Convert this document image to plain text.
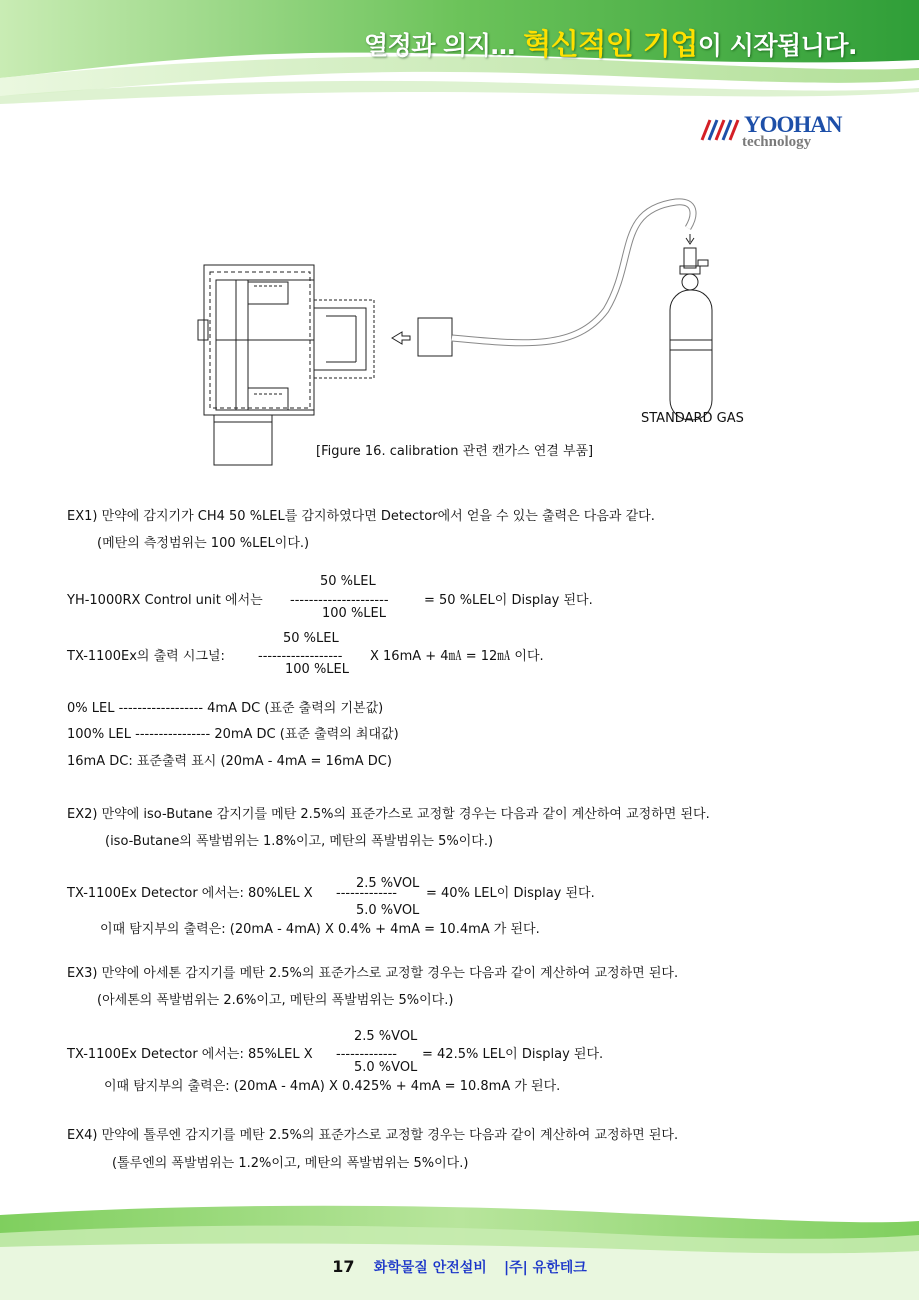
열정과 의지… 혁신적인 기업이 시작됩니다.
YOOHAN
technology
STANDARD GAS
[Figure 16. calibration 관련 캔가스 연결 부품]
EX1) 만약에 감지기가 CH4 50 %LEL를 감지하였다면 Detector에서 얻을 수 있는 출력은 다음과 같다.
(메탄의 측정범위는 100 %LEL이다.)
YH-1000RX Control unit 에서는
50 %LEL
---------------------
100 %LEL
= 50 %LEL이 Display 된다.
TX-1100Ex의 출력 시그널:
50 %LEL
------------------
100 %LEL
X 16mA + 4㎃ = 12㎃ 이다.
0% LEL ------------------ 4mA DC (표준 출력의 기본값)
100% LEL ---------------- 20mA DC (표준 출력의 최대값)
16mA DC: 표준출력 표시 (20mA - 4mA = 16mA DC)
EX2) 만약에 iso-Butane 감지기를 메탄 2.5%의 표준가스로 교정할 경우는 다음과 같이 계산하여 교정하면 된다.
(iso-Butane의 폭발범위는 1.8%이고, 메탄의 폭발범위는 5%이다.)
TX-1100Ex Detector 에서는: 80%LEL X
2.5 %VOL
-------------
5.0 %VOL
= 40% LEL이 Display 된다.
이때 탐지부의 출력은: (20mA - 4mA) X 0.4% + 4mA = 10.4mA 가 된다.
EX3) 만약에 아세톤 감지기를 메탄 2.5%의 표준가스로 교정할 경우는 다음과 같이 계산하여 교정하면 된다.
(아세톤의 폭발범위는 2.6%이고, 메탄의 폭발범위는 5%이다.)
TX-1100Ex Detector 에서는: 85%LEL X
2.5 %VOL
-------------
5.0 %VOL
= 42.5% LEL이 Display 된다.
이때 탐지부의 출력은: (20mA - 4mA) X 0.425% + 4mA = 10.8mA 가 된다.
EX4) 만약에 톨루엔 감지기를 메탄 2.5%의 표준가스로 교정할 경우는 다음과 같이 계산하여 교정하면 된다.
(톨루엔의 폭발범위는 1.2%이고, 메탄의 폭발범위는 5%이다.)
17 화학물질 안전설비 |주| 유한테크
